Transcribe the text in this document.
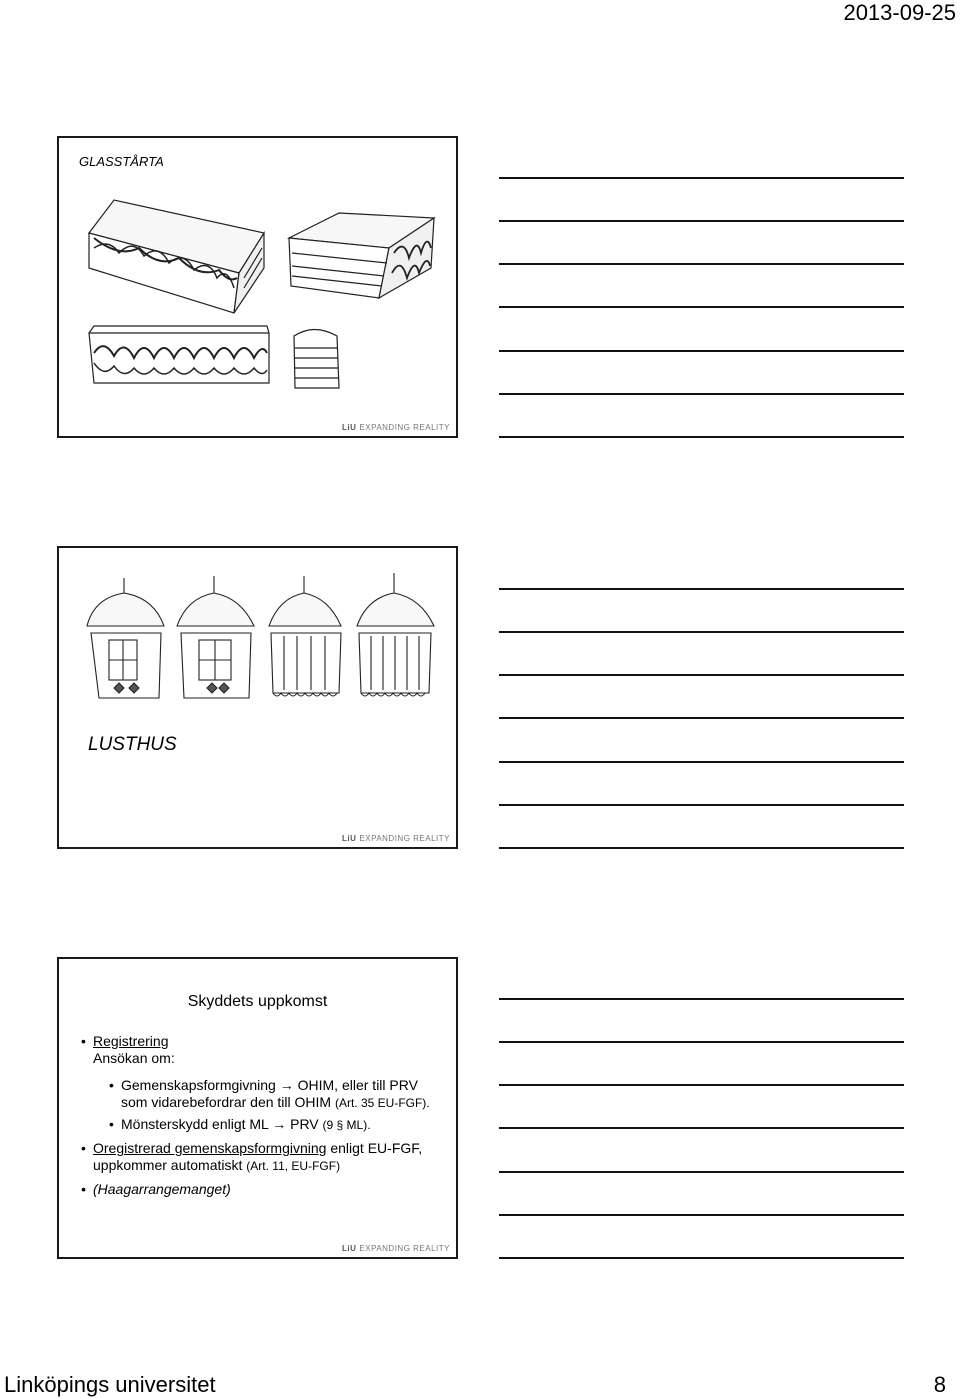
2013-09-25
GLASSTÅRTA
LiU EXPANDING REALITY
LUSTHUS
LiU EXPANDING REALITY
Skyddets uppkomst
• Registrering
Ansökan om:
• Gemenskapsformgivning → OHIM, eller till PRV som vidarebefordrar den till OHIM (Art. 35 EU-FGF).
• Mönsterskydd enligt ML → PRV (9 § ML).
• Oregistrerad gemenskapsformgivning enligt EU-FGF, uppkommer automatiskt (Art. 11, EU-FGF)
• (Haagarrangemanget)
LiU EXPANDING REALITY
Linköpings universitet	8
